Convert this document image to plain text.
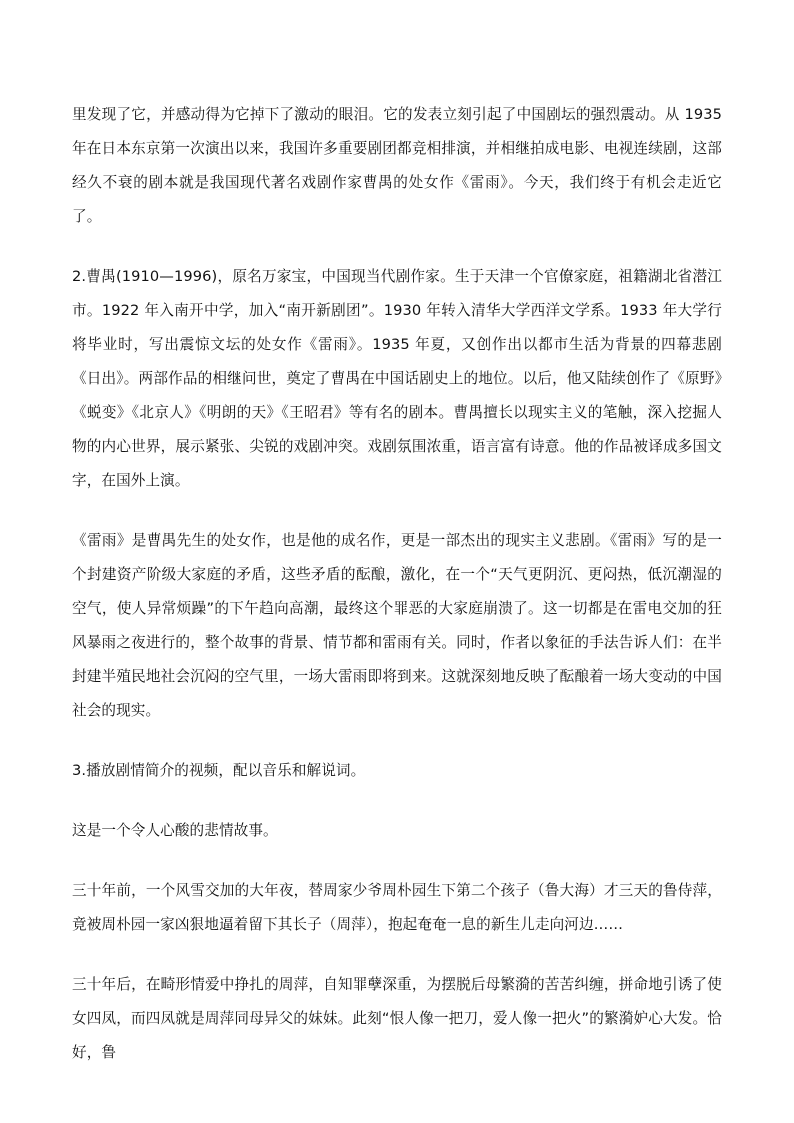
里发现了它，并感动得为它掉下了激动的眼泪。它的发表立刻引起了中国剧坛的强烈震动。从 1935 年在日本东京第一次演出以来，我国许多重要剧团都竞相排演，并相继拍成电影、电视连续剧，这部经久不衰的剧本就是我国现代著名戏剧作家曹禺的处女作《雷雨》。今天，我们终于有机会走近它了。

2.曹禺(1910—1996)，原名万家宝，中国现当代剧作家。生于天津一个官僚家庭，祖籍湖北省潜江市。1922 年入南开中学，加入“南开新剧团”。1930 年转入清华大学西洋文学系。1933 年大学行将毕业时，写出震惊文坛的处女作《雷雨》。1935 年夏，又创作出以都市生活为背景的四幕悲剧《日出》。两部作品的相继问世，奠定了曹禺在中国话剧史上的地位。以后，他又陆续创作了《原野》《蜕变》《北京人》《明朗的天》《王昭君》等有名的剧本。曹禺擅长以现实主义的笔触，深入挖掘人物的内心世界，展示紧张、尖锐的戏剧冲突。戏剧氛围浓重，语言富有诗意。他的作品被译成多国文字，在国外上演。

《雷雨》是曹禺先生的处女作，也是他的成名作，更是一部杰出的现实主义悲剧。《雷雨》写的是一个封建资产阶级大家庭的矛盾，这些矛盾的酝酿，激化，在一个“天气更阴沉、更闷热，低沉潮湿的空气，使人异常烦躁”的下午趋向高潮，最终这个罪恶的大家庭崩溃了。这一切都是在雷电交加的狂风暴雨之夜进行的，整个故事的背景、情节都和雷雨有关。同时，作者以象征的手法告诉人们：在半封建半殖民地社会沉闷的空气里，一场大雷雨即将到来。这就深刻地反映了酝酿着一场大变动的中国社会的现实。

3.播放剧情简介的视频，配以音乐和解说词。

这是一个令人心酸的悲情故事。

三十年前，一个风雪交加的大年夜，替周家少爷周朴园生下第二个孩子（鲁大海）才三天的鲁侍萍，竟被周朴园一家凶狠地逼着留下其长子（周萍），抱起奄奄一息的新生儿走向河边……

三十年后，在畸形情爱中挣扎的周萍，自知罪孽深重，为摆脱后母繁漪的苦苦纠缠，拼命地引诱了使女四凤，而四凤就是周萍同母异父的妹妹。此刻“恨人像一把刀，爱人像一把火”的繁漪妒心大发。恰好，鲁
